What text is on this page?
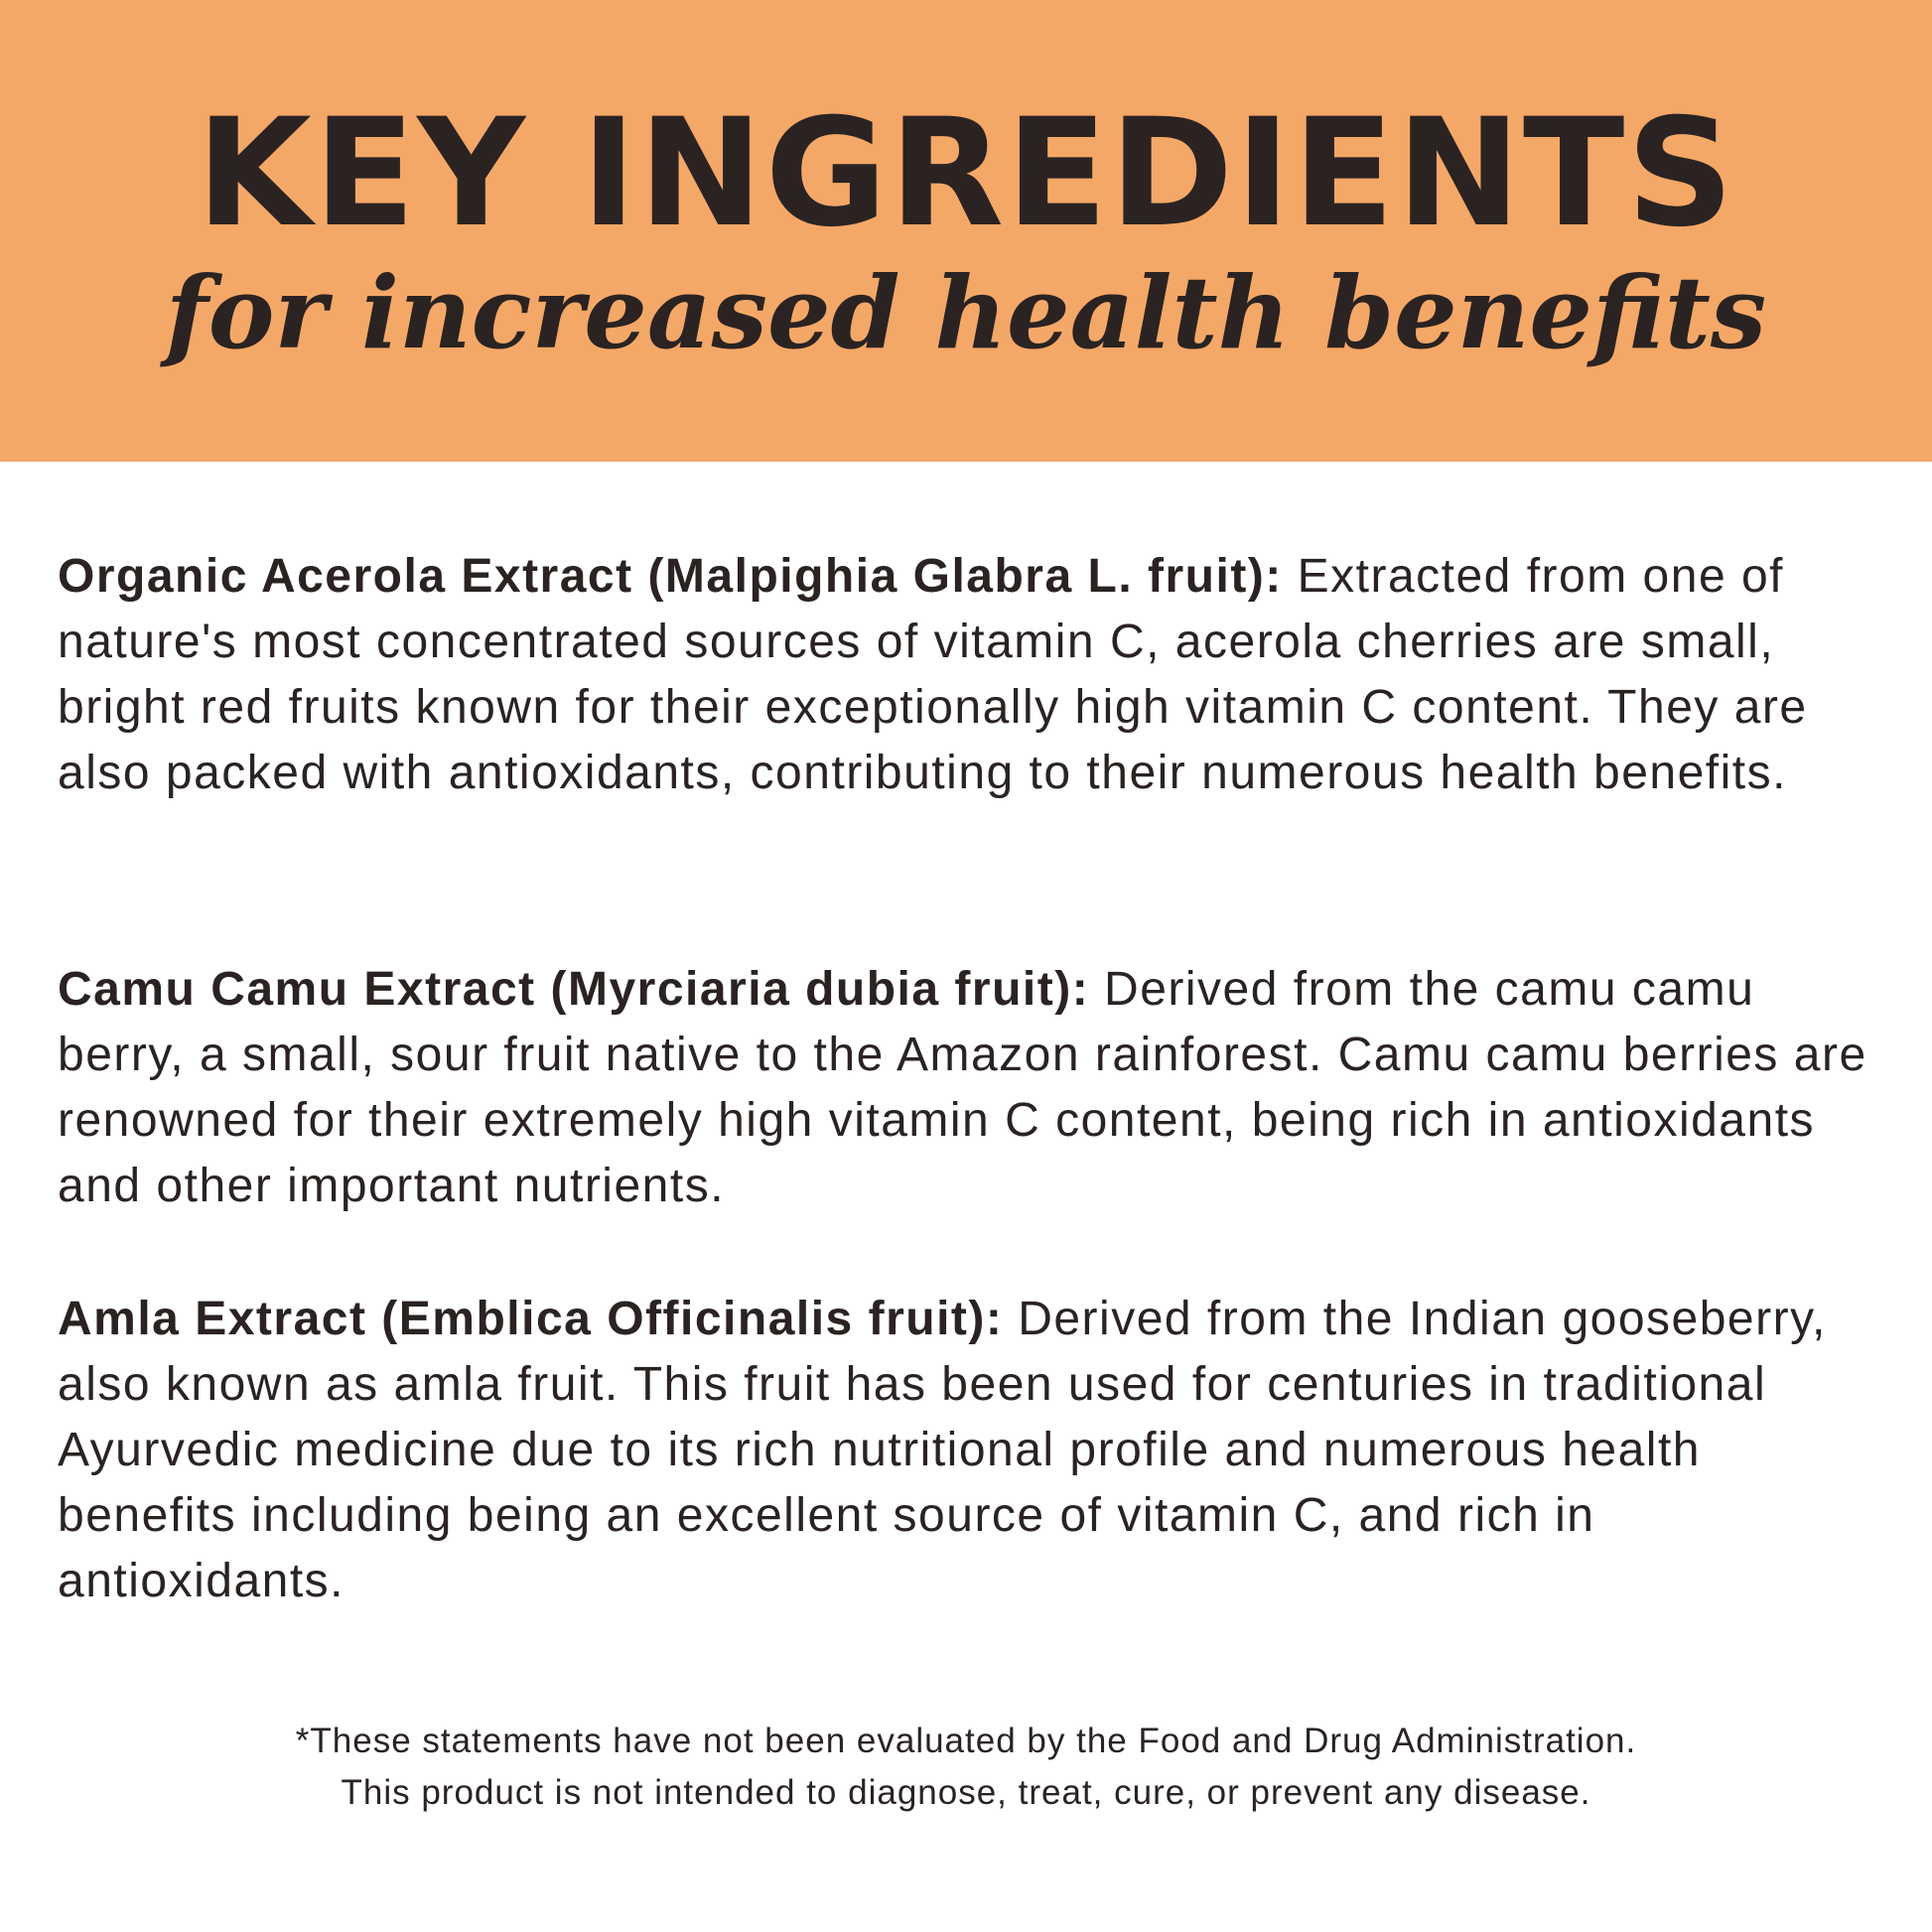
KEY INGREDIENTS
for increased health benefits

Organic Acerola Extract (Malpighia Glabra L. fruit): Extracted from one of nature's most concentrated sources of vitamin C, acerola cherries are small, bright red fruits known for their exceptionally high vitamin C content. They are also packed with antioxidants, contributing to their numerous health benefits.

Camu Camu Extract (Myrciaria dubia fruit): Derived from the camu camu berry, a small, sour fruit native to the Amazon rainforest. Camu camu berries are renowned for their extremely high vitamin C content, being rich in antioxidants and other important nutrients.

Amla Extract (Emblica Officinalis fruit): Derived from the Indian gooseberry, also known as amla fruit. This fruit has been used for centuries in traditional Ayurvedic medicine due to its rich nutritional profile and numerous health benefits including being an excellent source of vitamin C, and rich in antioxidants.

*These statements have not been evaluated by the Food and Drug Administration.
This product is not intended to diagnose, treat, cure, or prevent any disease.
